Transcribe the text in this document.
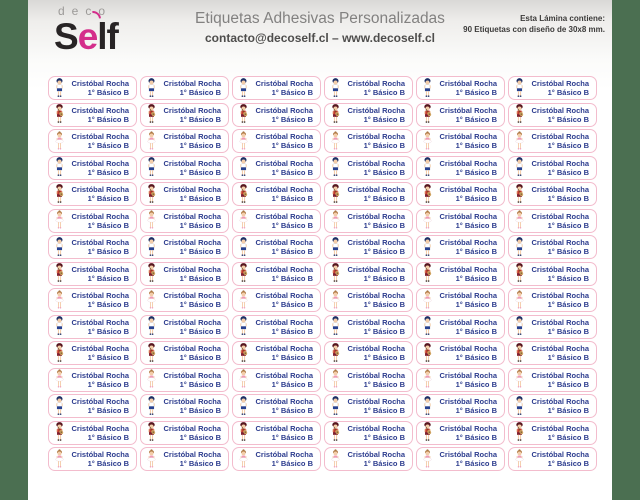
deco
Self	Etiquetas Adhesivas Personalizadas
contacto@decoself.cl – www.decoself.cl
Esta Lámina contiene:
90 Etiquetas con diseño de 30x8 mm.
Cristóbal Rocha
1° Básico B
Cristóbal Rocha
1° Básico B
Cristóbal Rocha
1° Básico B
Cristóbal Rocha
1° Básico B
Cristóbal Rocha
1° Básico B
Cristóbal Rocha
1° Básico B
Cristóbal Rocha
1° Básico B
Cristóbal Rocha
1° Básico B
Cristóbal Rocha
1° Básico B
Cristóbal Rocha
1° Básico B
Cristóbal Rocha
1° Básico B
Cristóbal Rocha
1° Básico B
Cristóbal Rocha
1° Básico B
Cristóbal Rocha
1° Básico B
Cristóbal Rocha
1° Básico B
Cristóbal Rocha
1° Básico B
Cristóbal Rocha
1° Básico B
Cristóbal Rocha
1° Básico B
Cristóbal Rocha
1° Básico B
Cristóbal Rocha
1° Básico B
Cristóbal Rocha
1° Básico B
Cristóbal Rocha
1° Básico B
Cristóbal Rocha
1° Básico B
Cristóbal Rocha
1° Básico B
Cristóbal Rocha
1° Básico B
Cristóbal Rocha
1° Básico B
Cristóbal Rocha
1° Básico B
Cristóbal Rocha
1° Básico B
Cristóbal Rocha
1° Básico B
Cristóbal Rocha
1° Básico B
Cristóbal Rocha
1° Básico B
Cristóbal Rocha
1° Básico B
Cristóbal Rocha
1° Básico B
Cristóbal Rocha
1° Básico B
Cristóbal Rocha
1° Básico B
Cristóbal Rocha
1° Básico B
Cristóbal Rocha
1° Básico B
Cristóbal Rocha
1° Básico B
Cristóbal Rocha
1° Básico B
Cristóbal Rocha
1° Básico B
Cristóbal Rocha
1° Básico B
Cristóbal Rocha
1° Básico B
Cristóbal Rocha
1° Básico B
Cristóbal Rocha
1° Básico B
Cristóbal Rocha
1° Básico B
Cristóbal Rocha
1° Básico B
Cristóbal Rocha
1° Básico B
Cristóbal Rocha
1° Básico B
Cristóbal Rocha
1° Básico B
Cristóbal Rocha
1° Básico B
Cristóbal Rocha
1° Básico B
Cristóbal Rocha
1° Básico B
Cristóbal Rocha
1° Básico B
Cristóbal Rocha
1° Básico B
Cristóbal Rocha
1° Básico B
Cristóbal Rocha
1° Básico B
Cristóbal Rocha
1° Básico B
Cristóbal Rocha
1° Básico B
Cristóbal Rocha
1° Básico B
Cristóbal Rocha
1° Básico B
Cristóbal Rocha
1° Básico B
Cristóbal Rocha
1° Básico B
Cristóbal Rocha
1° Básico B
Cristóbal Rocha
1° Básico B
Cristóbal Rocha
1° Básico B
Cristóbal Rocha
1° Básico B
Cristóbal Rocha
1° Básico B
Cristóbal Rocha
1° Básico B
Cristóbal Rocha
1° Básico B
Cristóbal Rocha
1° Básico B
Cristóbal Rocha
1° Básico B
Cristóbal Rocha
1° Básico B
Cristóbal Rocha
1° Básico B
Cristóbal Rocha
1° Básico B
Cristóbal Rocha
1° Básico B
Cristóbal Rocha
1° Básico B
Cristóbal Rocha
1° Básico B
Cristóbal Rocha
1° Básico B
Cristóbal Rocha
1° Básico B
Cristóbal Rocha
1° Básico B
Cristóbal Rocha
1° Básico B
Cristóbal Rocha
1° Básico B
Cristóbal Rocha
1° Básico B
Cristóbal Rocha
1° Básico B
Cristóbal Rocha
1° Básico B
Cristóbal Rocha
1° Básico B
Cristóbal Rocha
1° Básico B
Cristóbal Rocha
1° Básico B
Cristóbal Rocha
1° Básico B
Cristóbal Rocha
1° Básico B
